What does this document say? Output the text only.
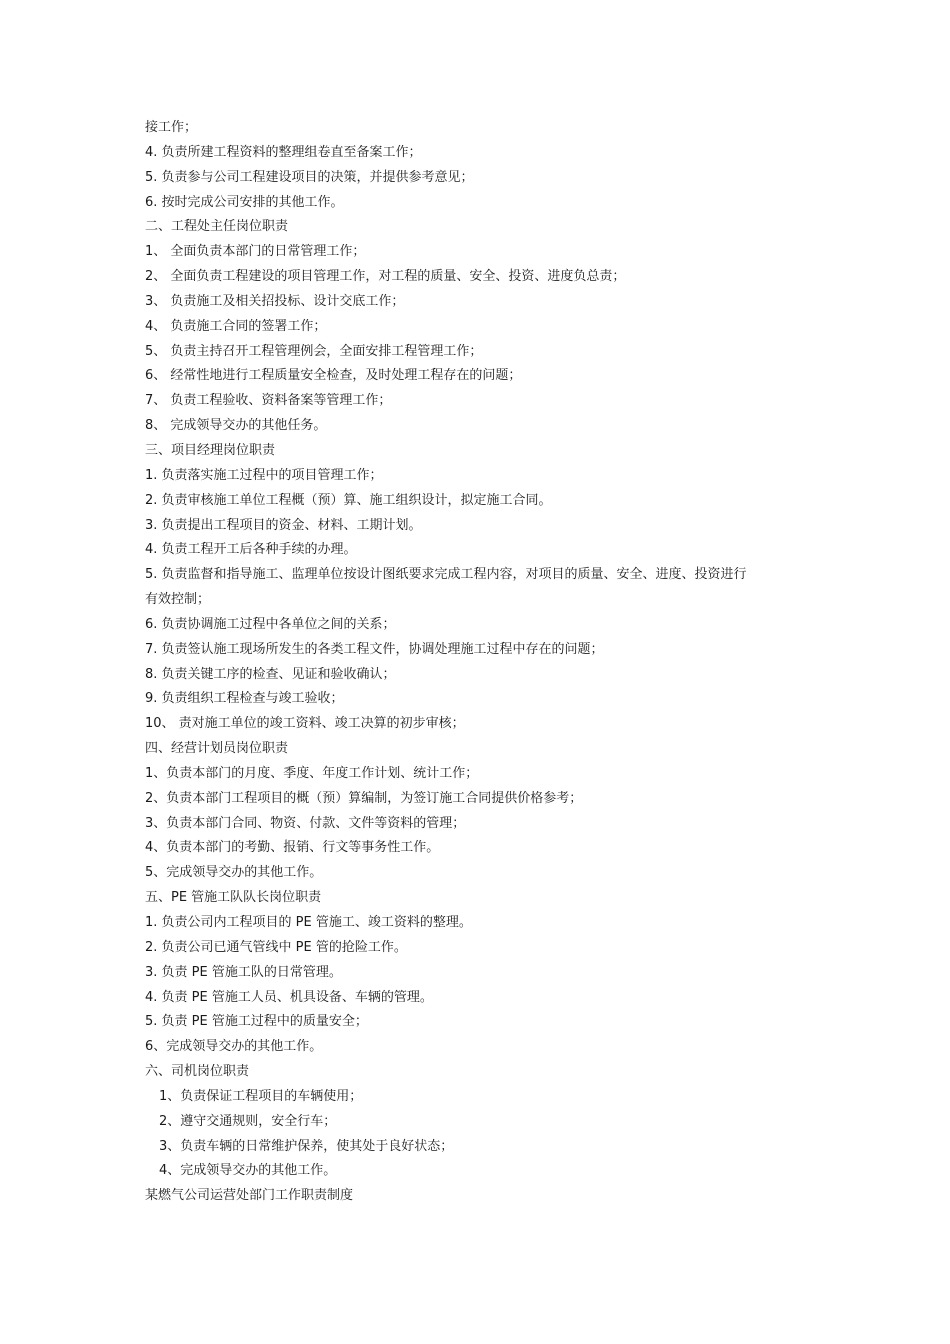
接工作；
4. 负责所建工程资料的整理组卷直至备案工作；
5. 负责参与公司工程建设项目的决策，并提供参考意见；
6. 按时完成公司安排的其他工作。
二、工程处主任岗位职责
1、 全面负责本部门的日常管理工作；
2、 全面负责工程建设的项目管理工作，对工程的质量、安全、投资、进度负总责；
3、 负责施工及相关招投标、设计交底工作；
4、 负责施工合同的签署工作；
5、 负责主持召开工程管理例会，全面安排工程管理工作；
6、 经常性地进行工程质量安全检查，及时处理工程存在的问题；
7、 负责工程验收、资料备案等管理工作；
8、 完成领导交办的其他任务。
三、项目经理岗位职责
1. 负责落实施工过程中的项目管理工作；
2. 负责审核施工单位工程概（预）算、施工组织设计，拟定施工合同。
3. 负责提出工程项目的资金、材料、工期计划。
4. 负责工程开工后各种手续的办理。
5. 负责监督和指导施工、监理单位按设计图纸要求完成工程内容，对项目的质量、安全、进度、投资进行
有效控制；
6. 负责协调施工过程中各单位之间的关系；
7. 负责签认施工现场所发生的各类工程文件，协调处理施工过程中存在的问题；
8. 负责关键工序的检查、见证和验收确认；
9. 负责组织工程检查与竣工验收；
10、 责对施工单位的竣工资料、竣工决算的初步审核；
四、经营计划员岗位职责
1、负责本部门的月度、季度、年度工作计划、统计工作；
2、负责本部门工程项目的概（预）算编制，为签订施工合同提供价格参考；
3、负责本部门合同、物资、付款、文件等资料的管理；
4、负责本部门的考勤、报销、行文等事务性工作。
5、完成领导交办的其他工作。
五、PE 管施工队队长岗位职责
1. 负责公司内工程项目的 PE 管施工、竣工资料的整理。
2. 负责公司已通气管线中 PE 管的抢险工作。
3. 负责 PE 管施工队的日常管理。
4. 负责 PE 管施工人员、机具设备、车辆的管理。
5. 负责 PE 管施工过程中的质量安全；
6、完成领导交办的其他工作。
六、司机岗位职责
1、负责保证工程项目的车辆使用；
2、遵守交通规则，安全行车；
3、负责车辆的日常维护保养，使其处于良好状态；
4、完成领导交办的其他工作。
某燃气公司运营处部门工作职责制度
